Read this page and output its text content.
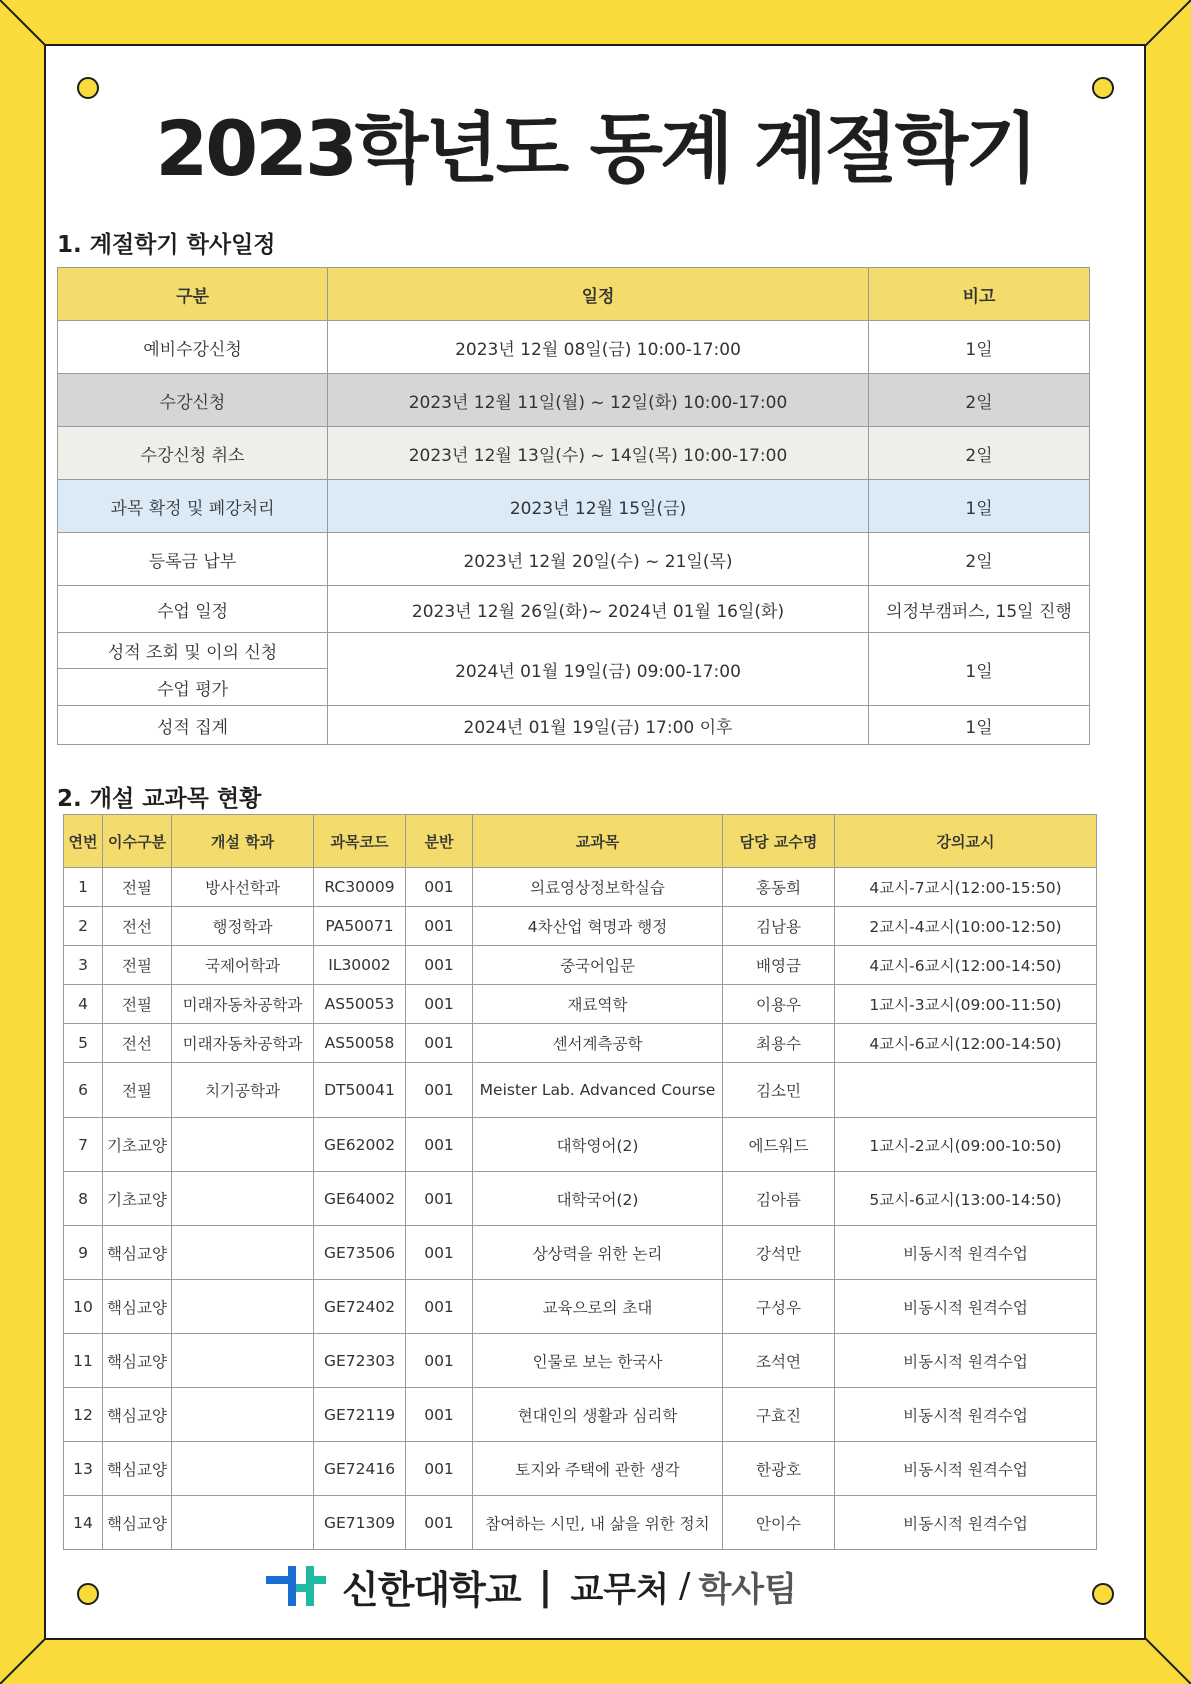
2023학년도 동계 계절학기
1. 계절학기 학사일정
구분	일정	비고
예비수강신청	2023년 12월 08일(금) 10:00-17:00	1일
수강신청	2023년 12월 11일(월) ~ 12일(화) 10:00-17:00	2일
수강신청 취소	2023년 12월 13일(수) ~ 14일(목) 10:00-17:00	2일
과목 확정 및 폐강처리	2023년 12월 15일(금)	1일
등록금 납부	2023년 12월 20일(수) ~ 21일(목)	2일
수업 일정	2023년 12월 26일(화)~ 2024년 01월 16일(화)	의정부캠퍼스, 15일 진행
성적 조회 및 이의 신청	2024년 01월 19일(금) 09:00-17:00	1일
수업 평가		
성적 집계	2024년 01월 19일(금) 17:00 이후	1일
2. 개설 교과목 현황
연번	이수구분	개설 학과	과목코드	분반	교과목	담당 교수명	강의교시
1	전필	방사선학과	RC30009	001	의료영상정보학실습	홍동희	4교시-7교시(12:00-15:50)
2	전선	행정학과	PA50071	001	4차산업 혁명과 행정	김남용	2교시-4교시(10:00-12:50)
3	전필	국제어학과	IL30002	001	중국어입문	배영금	4교시-6교시(12:00-14:50)
4	전필	미래자동차공학과	AS50053	001	재료역학	이용우	1교시-3교시(09:00-11:50)
5	전선	미래자동차공학과	AS50058	001	센서계측공학	최용수	4교시-6교시(12:00-14:50)
6	전필	치기공학과	DT50041	001	Meister Lab. Advanced Course	김소민	
7	기초교양		GE62002	001	대학영어(2)	에드워드	1교시-2교시(09:00-10:50)
8	기초교양		GE64002	001	대학국어(2)	김아름	5교시-6교시(13:00-14:50)
9	핵심교양		GE73506	001	상상력을 위한 논리	강석만	비동시적 원격수업
10	핵심교양		GE72402	001	교육으로의 초대	구성우	비동시적 원격수업
11	핵심교양		GE72303	001	인물로 보는 한국사	조석연	비동시적 원격수업
12	핵심교양		GE72119	001	현대인의 생활과 심리학	구효진	비동시적 원격수업
13	핵심교양		GE72416	001	토지와 주택에 관한 생각	한광호	비동시적 원격수업
14	핵심교양		GE71309	001	참여하는 시민, 내 삶을 위한 정치	안이수	비동시적 원격수업
신한대학교 | 교무처 / 학사팀
